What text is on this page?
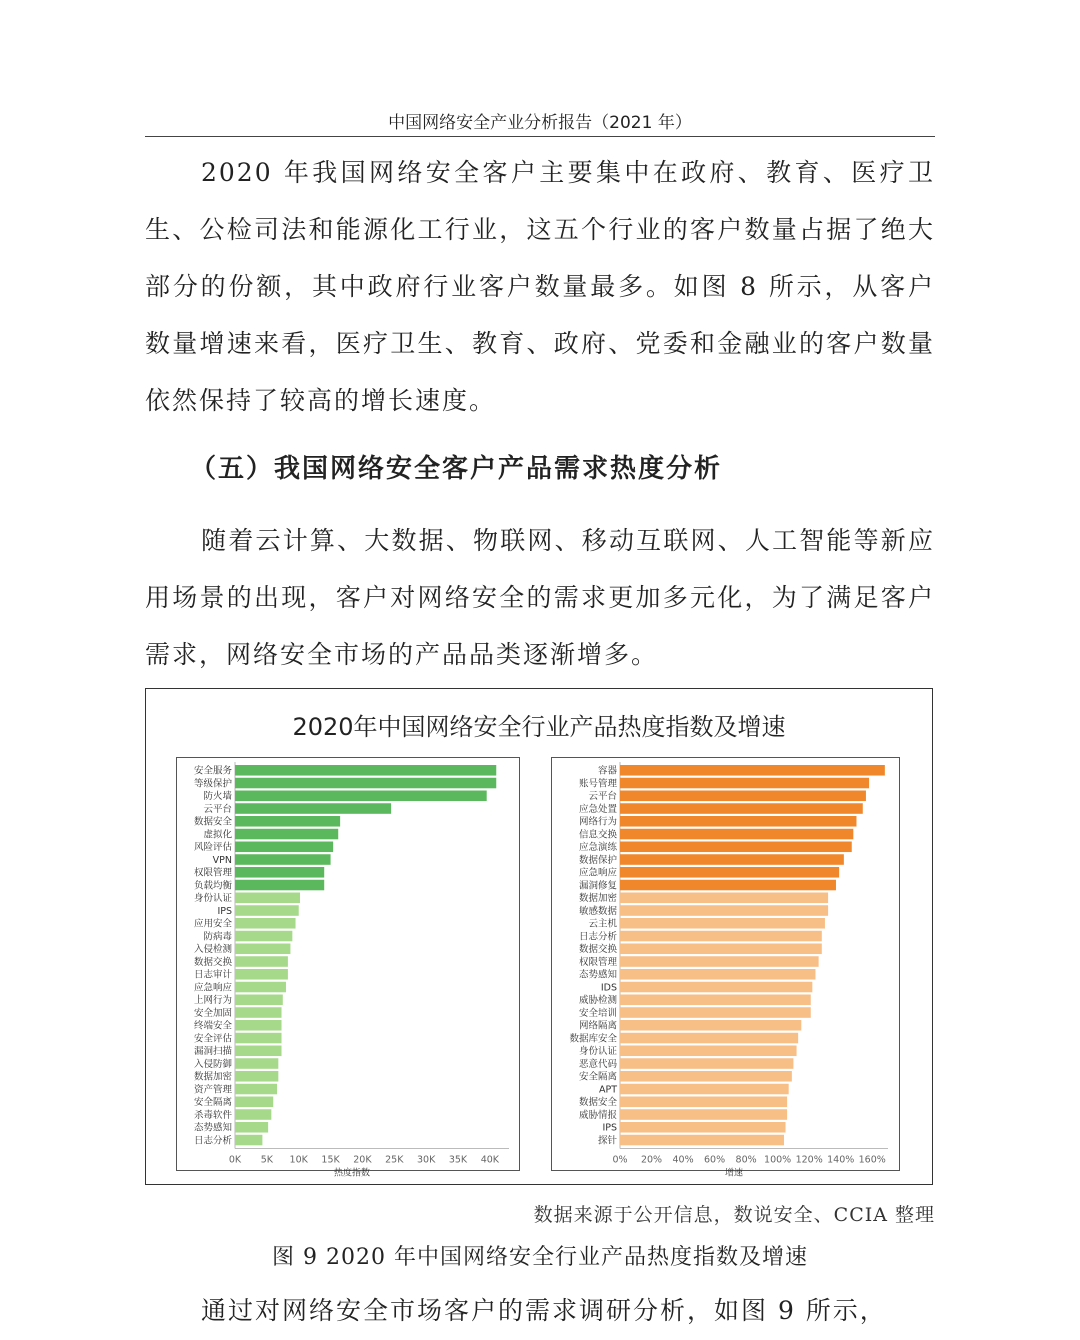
中国网络安全产业分析报告（2021 年）

2020 年我国网络安全客户主要集中在政府、教育、医疗卫生、公检司法和能源化工行业，这五个行业的客户数量占据了绝大部分的份额，其中政府行业客户数量最多。如图 8 所示，从客户数量增速来看，医疗卫生、教育、政府、党委和金融业的客户数量依然保持了较高的增长速度。

（五）我国网络安全客户产品需求热度分析

随着云计算、大数据、物联网、移动互联网、人工智能等新应用场景的出现，客户对网络安全的需求更加多元化，为了满足客户需求，网络安全市场的产品品类逐渐增多。

2020年中国网络安全行业产品热度指数及增速
安全服务
等级保护
防火墙
云平台
数据安全
虚拟化
风险评估
VPN
权限管理
负载均衡
身份认证
IPS
应用安全
防病毒
入侵检测
数据交换
日志审计
应急响应
上网行为
安全加固
终端安全
安全评估
漏洞扫描
入侵防御
数据加密
资产管理
安全隔离
杀毒软件
态势感知
日志分析
0K 5K 10K 15K 20K 25K 30K 35K 40K
热度指数
容器
账号管理
云平台
应急处置
网络行为
信息交换
应急演练
数据保护
应急响应
漏洞修复
数据加密
敏感数据
云主机
日志分析
数据交换
权限管理
态势感知
IDS
威胁检测
安全培训
网络隔离
数据库安全
身份认证
恶意代码
安全隔离
APT
数据安全
威胁情报
IPS
探针
0% 20% 40% 60% 80% 100% 120% 140% 160%
增速
数据来源于公开信息，数说安全、CCIA 整理
图 9 2020 年中国网络安全行业产品热度指数及增速

通过对网络安全市场客户的需求调研分析，如图 9 所示，
